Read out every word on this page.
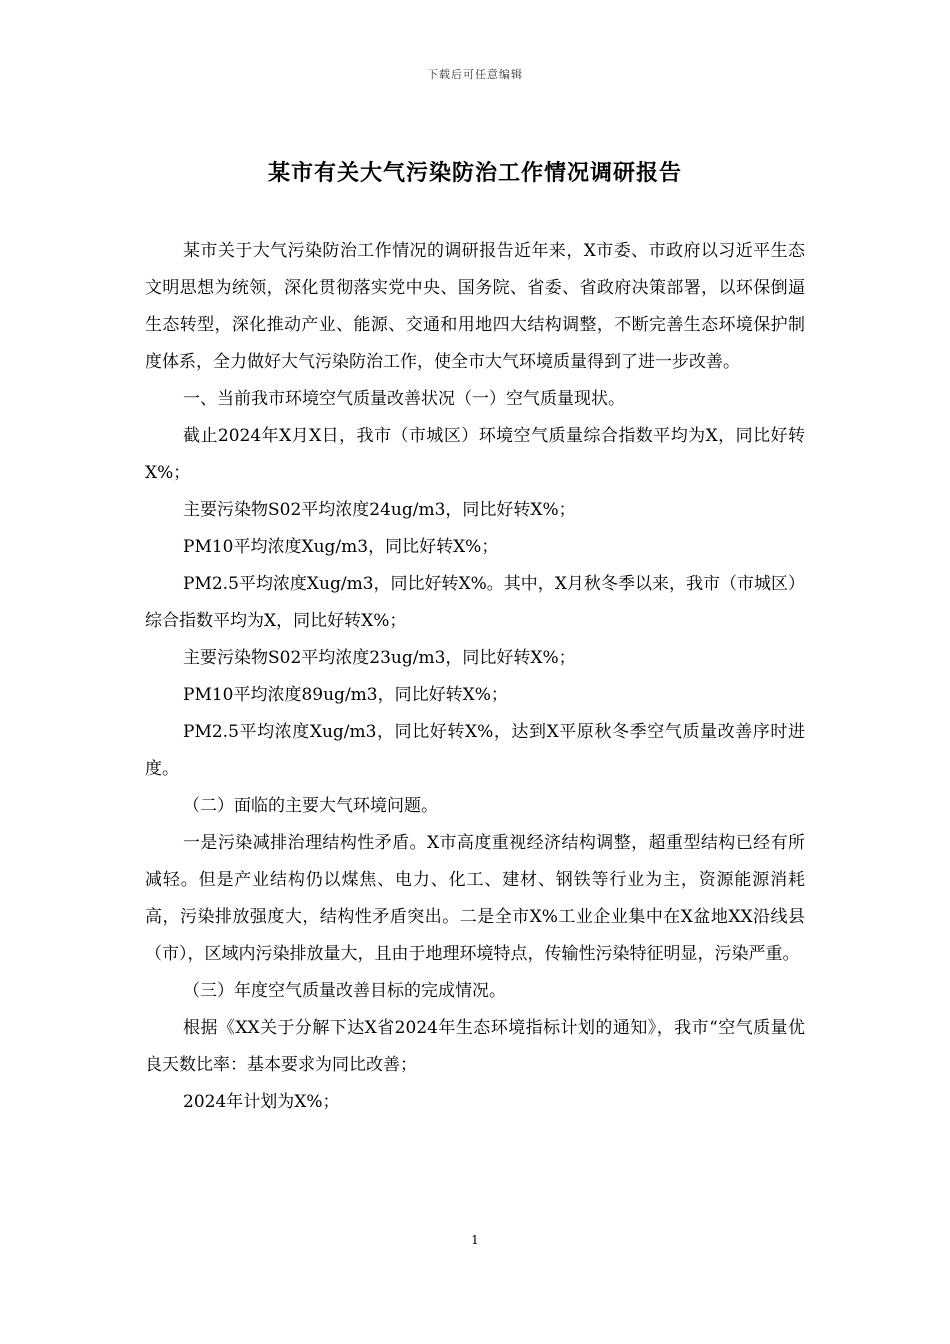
下载后可任意编辑
某市有关大气污染防治工作情况调研报告

某市关于大气污染防治工作情况的调研报告近年来，X市委、市政府以习近平生态文明思想为统领，深化贯彻落实党中央、国务院、省委、省政府决策部署，以环保倒逼生态转型，深化推动产业、能源、交通和用地四大结构调整，不断完善生态环境保护制度体系，全力做好大气污染防治工作，使全市大气环境质量得到了进一步改善。

一、当前我市环境空气质量改善状况（一）空气质量现状。

截止2024年X月X日，我市（市城区）环境空气质量综合指数平均为X，同比好转X%；

主要污染物S02平均浓度24ug/m3，同比好转X%；

PM10平均浓度Xug/m3，同比好转X%；

PM2.5平均浓度Xug/m3，同比好转X%。其中，X月秋冬季以来，我市（市城区）综合指数平均为X，同比好转X%；

主要污染物S02平均浓度23ug/m3，同比好转X%；

PM10平均浓度89ug/m3，同比好转X%；

PM2.5平均浓度Xug/m3，同比好转X%，达到X平原秋冬季空气质量改善序时进度。

（二）面临的主要大气环境问题。

一是污染减排治理结构性矛盾。X市高度重视经济结构调整，超重型结构已经有所减轻。但是产业结构仍以煤焦、电力、化工、建材、钢铁等行业为主，资源能源消耗高，污染排放强度大，结构性矛盾突出。二是全市X%工业企业集中在X盆地XX沿线县（市），区域内污染排放量大，且由于地理环境特点，传输性污染特征明显，污染严重。

（三）年度空气质量改善目标的完成情况。

根据《XX关于分解下达X省2024年生态环境指标计划的通知》，我市“空气质量优良天数比率：基本要求为同比改善；

2024年计划为X%；

1
